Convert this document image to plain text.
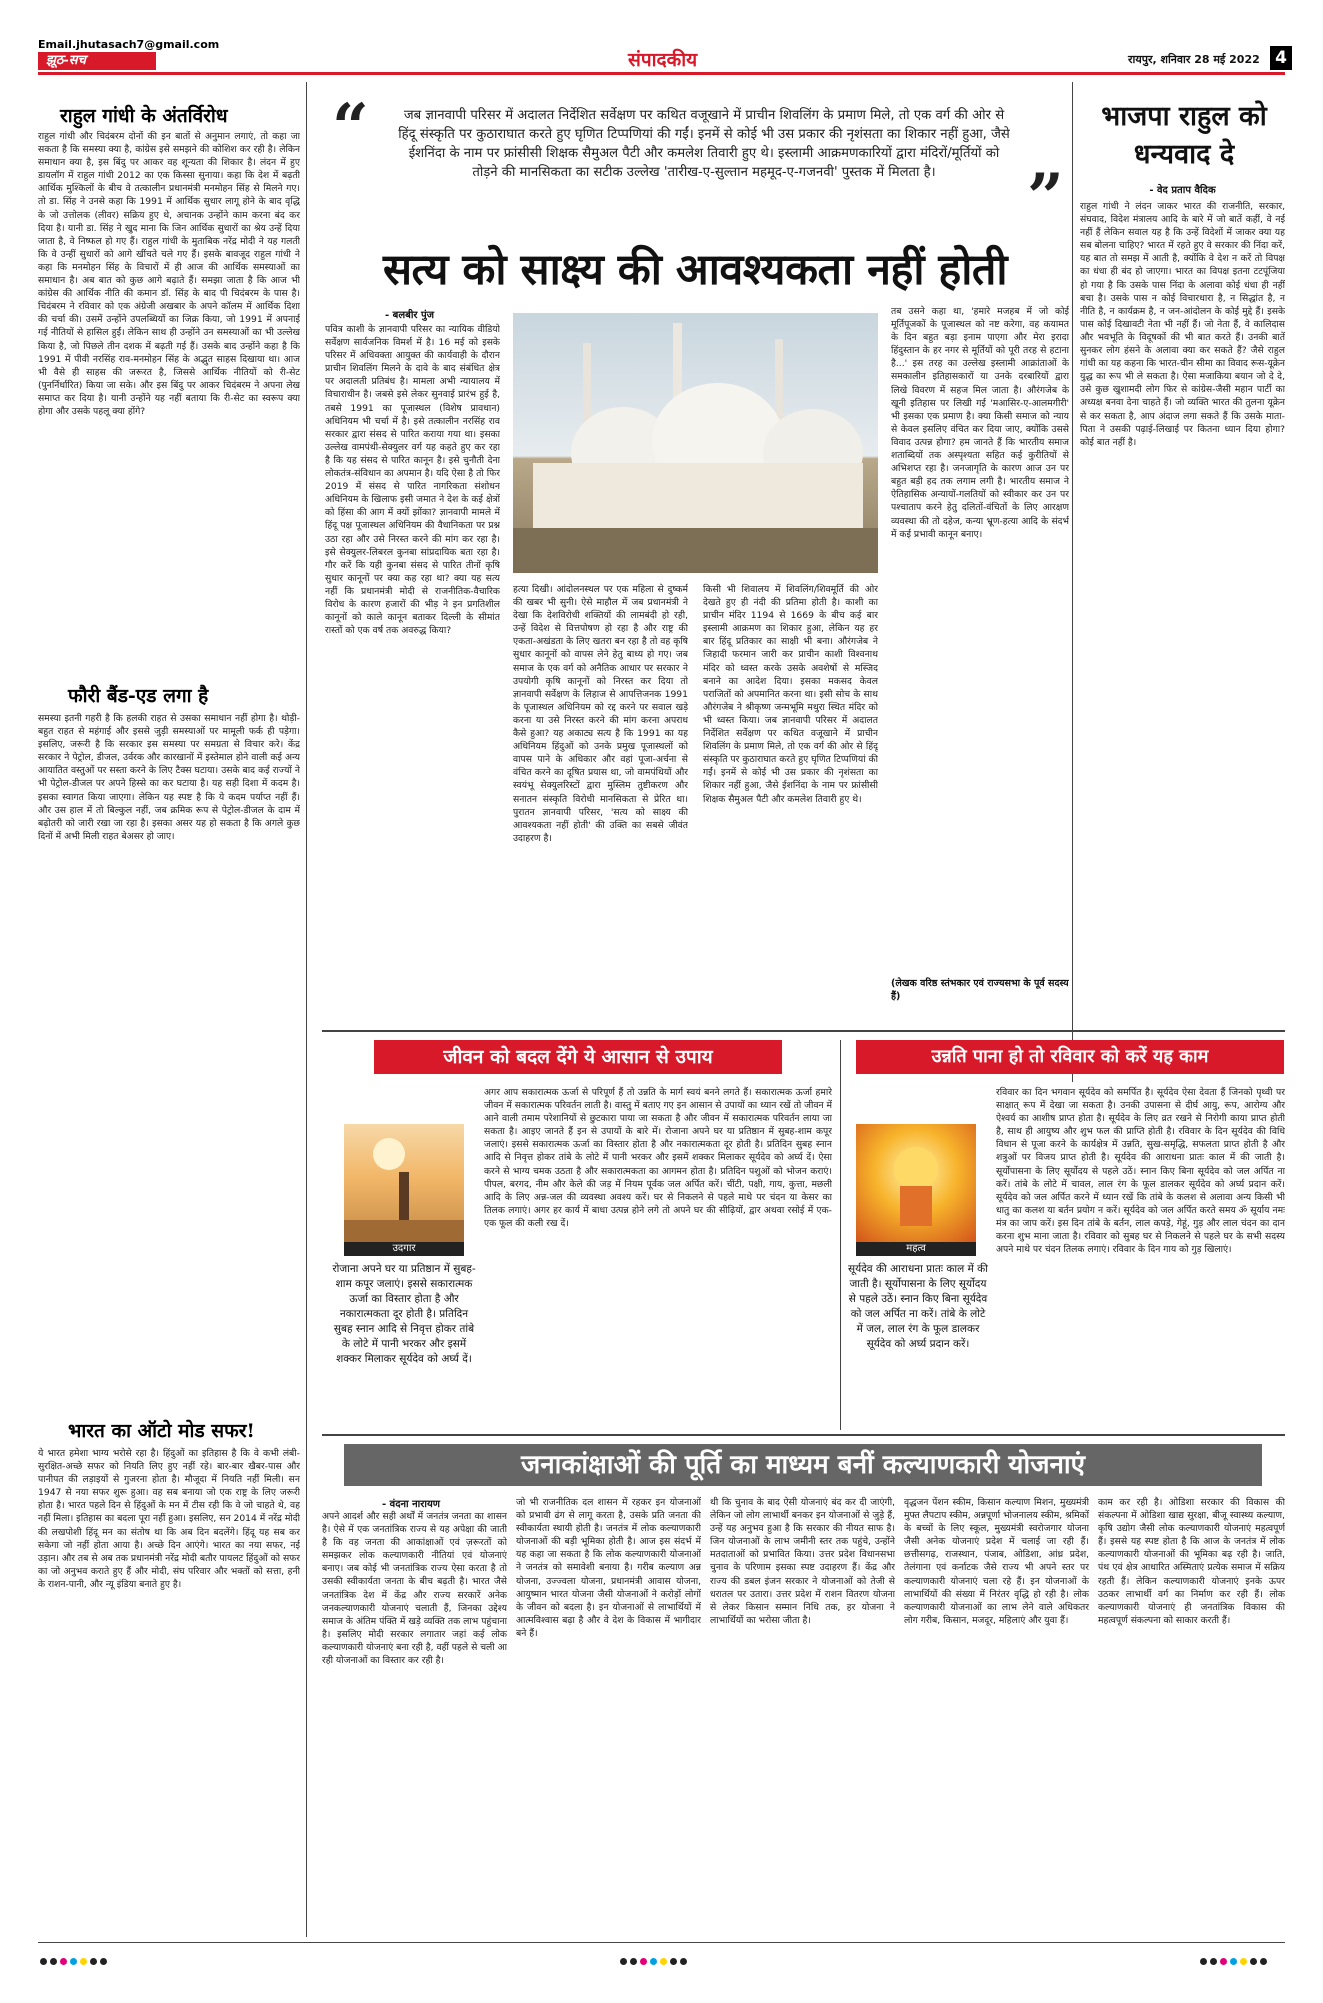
Email.jhutasach7@gmail.com
झूठ-सच	संपादकीय	रायपुर, शनिवार 28 मई 2022 4
राहुल गांधी के अंतर्विरोध
राहुल गांधी और चिदंबरम दोनों की इन बातों से अनुमान लगाएं, तो कहा जा सकता है कि समस्या क्या है, कांग्रेस इसे समझने की कोशिश कर रही है। लेकिन समाधान क्या है, इस बिंदु पर आकर वह शून्यता की शिकार है। लंदन में हुए डायलॉग में राहुल गांधी 2012 का एक किस्सा सुनाया। कहा कि देश में बढ़ती आर्थिक मुश्किलों के बीच वे तत्कालीन प्रधानमंत्री मनमोहन सिंह से मिलने गए। तो डा. सिंह ने उनसे कहा कि 1991 में आर्थिक सुधार लागू होने के बाद वृद्धि के जो उत्तोलक (लीवर) सक्रिय हुए थे, अचानक उन्होंने काम करना बंद कर दिया है। यानी डा. सिंह ने खुद माना कि जिन आर्थिक सुधारों का श्रेय उन्हें दिया जाता है, वे निष्फल हो गए हैं। राहुल गांधी के मुताबिक नरेंद्र मोदी ने यह गलती कि वे उन्हीं सुधारों को आगे खींचते चले गए हैं। इसके बावजूद राहुल गांधी ने कहा कि मनमोहन सिंह के विचारों में ही आज की आर्थिक समस्याओं का समाधान है। अब बात को कुछ आगे बढ़ाते हैं। समझा जाता है कि आज भी कांग्रेस की आर्थिक नीति की कमान डॉ. सिंह के बाद पी चिदंबरम के पास है। चिदंबरम ने रविवार को एक अंग्रेजी अखबार के अपने कॉलम में आर्थिक दिशा की चर्चा की। उसमें उन्होंने उपलब्धियों का जिक्र किया, जो 1991 में अपनाई गई नीतियों से हासिल हुईं। लेकिन साथ ही उन्होंने उन समस्याओं का भी उल्लेख किया है, जो पिछले तीन दशक में बढ़ती गई हैं। उसके बाद उन्होंने कहा है कि 1991 में पीवी नरसिंह राव-मनमोहन सिंह के अद्भुत साहस दिखाया था। आज भी वैसे ही साहस की जरूरत है, जिससे आर्थिक नीतियों को री-सेट (पुनर्निर्धारित) किया जा सके। और इस बिंदु पर आकर चिदंबरम ने अपना लेख समाप्त कर दिया है। यानी उन्होंने यह नहीं बताया कि री-सेट का स्वरूप क्या होगा और उसके पहलू क्या होंगे?
फौरी बैंड-एड लगा है
समस्या इतनी गहरी है कि हलकी राहत से उसका समाधान नहीं होगा है। थोड़ी-बहुत राहत से महंगाई और इससे जुड़ी समस्याओं पर मामूली फर्क ही पड़ेगा। इसलिए, जरूरी है कि सरकार इस समस्या पर समग्रता से विचार करे। केंद्र सरकार ने पेट्रोल, डीजल, उर्वरक और कारखानों में इस्तेमाल होने वाली कई अन्य आयातित वस्तुओं पर सस्ता करने के लिए टैक्स घटाया। उसके बाद कई राज्यों ने भी पेट्रोल-डीजल पर अपने हिस्से का कर घटाया है। यह सही दिशा में कदम है। इसका स्वागत किया जाएगा। लेकिन यह स्पष्ट है कि ये कदम पर्याप्त नहीं हैं। और उस हाल में तो बिल्कुल नहीं, जब क्रमिक रूप से पेट्रोल-डीजल के दाम में बढ़ोतरी को जारी रखा जा रहा है। इसका असर यह हो सकता है कि अगले कुछ दिनों में अभी मिली राहत बेअसर हो जाए।
भारत का ऑटो मोड सफर!
ये भारत हमेशा भाग्य भरोसे रहा है। हिंदुओं का इतिहास है कि वे कभी लंबी-सुरक्षित-अच्छे सफर को नियति लिए हुए नहीं रहे। बार-बार खैबर-पास और पानीपत की लड़ाइयों से गुजरना होता है। मौजूदा में नियति नहीं मिली। सन 1947 से नया सफर शुरू हुआ। वह सब बनाया जो एक राष्ट्र के लिए जरूरी होता है। भारत पहले दिन से हिंदुओं के मन में टीस रही कि वे जो चाहते थे, वह नहीं मिला। इतिहास का बदला पूरा नहीं हुआ। इसलिए, सन 2014 में नरेंद्र मोदी की लखपोशी हिंदू मन का संतोष था कि अब दिन बदलेंगे। हिंदू यह सब कर सकेगा जो नहीं होता आया है। अच्छे दिन आएंगे। भारत का नया सफर, नई उड़ान। और तब से अब तक प्रधानमंत्री नरेंद्र मोदी बतौर पायलट हिंदुओं को सफर का जो अनुभव कराते हुए हैं और मोदी, संघ परिवार और भक्तों को सत्ता, हनी के राशन-पानी, और न्यू इंडिया बनाते हुए है।
“	जब ज्ञानवापी परिसर में अदालत निर्देशित सर्वेक्षण पर कथित वजूखाने में प्राचीन शिवलिंग के प्रमाण मिले, तो एक वर्ग की ओर से हिंदू संस्कृति पर कुठाराघात करते हुए घृणित टिप्पणियां की गईं। इनमें से कोई भी उस प्रकार की नृशंसता का शिकार नहीं हुआ, जैसे ईशनिंदा के नाम पर फ्रांसीसी शिक्षक सैमुअल पैटी और कमलेश तिवारी हुए थे। इस्लामी आक्रमणकारियों द्वारा मंदिरों/मूर्तियों को तोड़ने की मानसिकता का सटीक उल्लेख 'तारीख-ए-सुल्तान महमूद-ए-गजनवी' पुस्तक में मिलता है।	”
सत्य को साक्ष्य की आवश्यकता नहीं होती
भाजपा राहुल को धन्यवाद दे
- वेद प्रताप वैदिक
राहुल गांधी ने लंदन जाकर भारत की राजनीति, सरकार, संघवाद, विदेश मंत्रालय आदि के बारे में जो बातें कहीं, वे नई नहीं हैं लेकिन सवाल यह है कि उन्हें विदेशों में जाकर क्या यह सब बोलना चाहिए? भारत में रहते हुए वे सरकार की निंदा करें, यह बात तो समझ में आती है, क्योंकि वे देश न करें तो विपक्ष का धंधा ही बंद हो जाएगा। भारत का विपक्ष इतना टटपूंजिया हो गया है कि उसके पास निंदा के अलावा कोई धंधा ही नहीं बचा है। उसके पास न कोई विचारधारा है, न सिद्धांत है, न नीति है, न कार्यक्रम है, न जन-आंदोलन के कोई मुद्दे हैं। इसके पास कोई दिखावटी नेता भी नहीं हैं। जो नेता हैं, वे कालिदास और भवभूति के विदूषकों की भी बात करते हैं। उनकी बातें सुनकर लोग हंसने के अलावा क्या कर सकते हैं? जैसे राहुल गांधी का यह कहना कि भारत-चीन सीमा का विवाद रूस-यूक्रेन युद्ध का रूप भी ले सकता है। ऐसा मजाकिया बयान जो दे दे, उसे कुछ खुशामदी लोग फिर से कांग्रेस-जैसी महान पार्टी का अध्यक्ष बनवा देना चाहते हैं। जो व्यक्ति भारत की तुलना यूक्रेन से कर सकता है, आप अंदाज लगा सकते हैं कि उसके माता-पिता ने उसकी पढ़ाई-लिखाई पर कितना ध्यान दिया होगा? कोई बात नहीं है।
- बलबीर पुंज
पवित्र काशी के ज्ञानवापी परिसर का न्यायिक वीडियो सर्वेक्षण सार्वजनिक विमर्श में है। 16 मई को इसके परिसर में अधिवक्ता आयुक्त की कार्यवाही के दौरान प्राचीन शिवलिंग मिलने के दावे के बाद संबंधित क्षेत्र पर अदालती प्रतिबंध है। मामला अभी न्यायालय में विचाराधीन है। जबसे इसे लेकर सुनवाई प्रारंभ हुई है, तबसे 1991 का पूजास्थल (विशेष प्रावधान) अधिनियम भी चर्चा में है। इसे तत्कालीन नरसिंह राव सरकार द्वारा संसद से पारित कराया गया था। इसका उल्लेख वामपंथी-सेक्युलर वर्ग यह कहते हुए कर रहा है कि यह संसद से पारित कानून है। इसे चुनौती देना लोकतंत्र-संविधान का अपमान है। यदि ऐसा है तो फिर 2019 में संसद से पारित नागरिकता संशोधन अधिनियम के खिलाफ इसी जमात ने देश के कई क्षेत्रों को हिंसा की आग में क्यों झोंका? ज्ञानवापी मामले में हिंदू पक्ष पूजास्थल अधिनियम की वैधानिकता पर प्रश्न उठा रहा और उसे निरस्त करने की मांग कर रहा है। इसे सेक्युलर-लिबरल कुनबा सांप्रदायिक बता रहा है। गौर करें कि यही कुनबा संसद से पारित तीनों कृषि सुधार कानूनों पर क्या कह रहा था? क्या यह सत्य नहीं कि प्रधानमंत्री मोदी से राजनीतिक-वैचारिक विरोध के कारण हजारों की भीड़ ने इन प्रगतिशील कानूनों को काले कानून बताकर दिल्ली के सीमांत रास्तों को एक वर्ष तक अवरुद्ध किया?
हत्या दिखी। आंदोलनस्थल पर एक महिला से दुष्कर्म की खबर भी सुनी। ऐसे माहौल में जब प्रधानमंत्री ने देखा कि देशविरोधी शक्तियों की लामबंदी हो रही, उन्हें विदेश से वित्तपोषण हो रहा है और राष्ट्र की एकता-अखंडता के लिए खतरा बन रहा है तो वह कृषि सुधार कानूनों को वापस लेने हेतु बाध्य हो गए। जब समाज के एक वर्ग को अनैतिक आधार पर सरकार ने उपयोगी कृषि कानूनों को निरस्त कर दिया तो ज्ञानवापी सर्वेक्षण के लिहाज से आपत्तिजनक 1991 के पूजास्थल अधिनियम को रद्द करने पर सवाल खड़े करना या उसे निरस्त करने की मांग करना अपराध कैसे हुआ? यह अकाट्य सत्य है कि 1991 का यह अधिनियम हिंदुओं को उनके प्रमुख पूजास्थलों को वापस पाने के अधिकार और वहां पूजा-अर्चना से वंचित करने का दूषित प्रयास था, जो वामपंथियों और स्वयंभू सेक्युलरिस्टों द्वारा मुस्लिम तुष्टीकरण और सनातन संस्कृति विरोधी मानसिकता से प्रेरित था। पुरातन ज्ञानवापी परिसर, 'सत्य को साक्ष्य की आवश्यकता नहीं होती' की उक्ति का सबसे जीवंत उदाहरण है।
किसी भी शिवालय में शिवलिंग/शिवमूर्ति की ओर देखते हुए ही नंदी की प्रतिमा होती है। काशी का प्राचीन मंदिर 1194 से 1669 के बीच कई बार इस्लामी आक्रमण का शिकार हुआ, लेकिन यह हर बार हिंदू प्रतिकार का साक्षी भी बना। औरंगजेब ने जिहादी फरमान जारी कर प्राचीन काशी विश्वनाथ मंदिर को ध्वस्त करके उसके अवशेषों से मस्जिद बनाने का आदेश दिया। इसका मकसद केवल पराजितों को अपमानित करना था। इसी सोच के साथ औरंगजेब ने श्रीकृष्ण जन्मभूमि मथुरा स्थित मंदिर को भी ध्वस्त किया। जब ज्ञानवापी परिसर में अदालत निर्देशित सर्वेक्षण पर कथित वजूखाने में प्राचीन शिवलिंग के प्रमाण मिले, तो एक वर्ग की ओर से हिंदू संस्कृति पर कुठाराघात करते हुए घृणित टिप्पणियां की गईं। इनमें से कोई भी उस प्रकार की नृशंसता का शिकार नहीं हुआ, जैसे ईशनिंदा के नाम पर फ्रांसीसी शिक्षक सैमुअल पैटी और कमलेश तिवारी हुए थे।
तब उसने कहा था, 'हमारे मजहब में जो कोई मूर्तिपूजकों के पूजास्थल को नष्ट करेगा, वह कयामत के दिन बहुत बड़ा इनाम पाएगा और मेरा इरादा हिंदुस्तान के हर नगर से मूर्तियों को पूरी तरह से हटाना है...' इस तरह का उल्लेख इस्लामी आक्रांताओं के समकालीन इतिहासकारों या उनके दरबारियों द्वारा लिखे विवरण में सहज मिल जाता है। औरंगजेब के खूनी इतिहास पर लिखी गई 'मआसिर-ए-आलमगीरी' भी इसका एक प्रमाण है। क्या किसी समाज को न्याय से केवल इसलिए वंचित कर दिया जाए, क्योंकि उससे विवाद उत्पन्न होगा? हम जानते हैं कि भारतीय समाज शताब्दियों तक अस्पृश्यता सहित कई कुरीतियों से अभिशप्त रहा है। जनजागृति के कारण आज उन पर बहुत बड़ी हद तक लगाम लगी है। भारतीय समाज ने ऐतिहासिक अन्यायों-गलतियों को स्वीकार कर उन पर पश्चाताप करने हेतु दलितों-वंचितों के लिए आरक्षण व्यवस्था की तो दहेज, कन्या भ्रूण-हत्या आदि के संदर्भ में कई प्रभावी कानून बनाए।
(लेखक वरिष्ठ स्तंभकार एवं राज्यसभा के पूर्व सदस्य हैं)
जीवन को बदल देंगे ये आसान से उपाय
उदगार
रोजाना अपने घर या प्रतिष्ठान में सुबह-शाम कपूर जलाएं। इससे सकारात्मक ऊर्जा का विस्तार होता है और नकारात्मकता दूर होती है। प्रतिदिन सुबह स्नान आदि से निवृत्त होकर तांबे के लोटे में पानी भरकर और इसमें शक्कर मिलाकर सूर्यदेव को अर्घ्य दें।
अगर आप सकारात्मक ऊर्जा से परिपूर्ण हैं तो उन्नति के मार्ग स्वयं बनने लगते हैं। सकारात्मक ऊर्जा हमारे जीवन में सकारात्मक परिवर्तन लाती है। वास्तु में बताए गए इन आसान से उपायों का ध्यान रखें तो जीवन में आने वाली तमाम परेशानियों से छुटकारा पाया जा सकता है और जीवन में सकारात्मक परिवर्तन लाया जा सकता है। आइए जानते हैं इन से उपायों के बारे में। रोजाना अपने घर या प्रतिष्ठान में सुबह-शाम कपूर जलाएं। इससे सकारात्मक ऊर्जा का विस्तार होता है और नकारात्मकता दूर होती है। प्रतिदिन सुबह स्नान आदि से निवृत्त होकर तांबे के लोटे में पानी भरकर और इसमें शक्कर मिलाकर सूर्यदेव को अर्घ्य दें। ऐसा करने से भाग्य चमक उठता है और सकारात्मकता का आगमन होता है। प्रतिदिन पशुओं को भोजन कराएं। पीपल, बरगद, नीम और केले की जड़ में नियम पूर्वक जल अर्पित करें। चींटी, पक्षी, गाय, कुत्ता, मछली आदि के लिए अन्न-जल की व्यवस्था अवश्य करें। घर से निकलने से पहले माथे पर चंदन या केसर का तिलक लगाएं। अगर हर कार्य में बाधा उत्पन्न होने लगे तो अपने घर की सीढ़ियों, द्वार अथवा रसोई में एक-एक फूल की कली रख दें।
उन्नति पाना हो तो रविवार को करें यह काम
महत्व
सूर्यदेव की आराधना प्रातः काल में की जाती है। सूर्योपासना के लिए सूर्योदय से पहले उठें। स्नान किए बिना सूर्यदेव को जल अर्पित ना करें। तांबे के लोटे में जल, लाल रंग के फूल डालकर सूर्यदेव को अर्घ्य प्रदान करें।
रविवार का दिन भगवान सूर्यदेव को समर्पित है। सूर्यदेव ऐसा देवता हैं जिनको पृथ्वी पर साक्षात् रूप में देखा जा सकता है। उनकी उपासना से दीर्घ आयु, रूप, आरोग्य और ऐश्वर्य का आशीष प्राप्त होता है। सूर्यदेव के लिए व्रत रखने से निरोगी काया प्राप्त होती है, साथ ही आयुष्य और शुभ फल की प्राप्ति होती है। रविवार के दिन सूर्यदेव की विधि विधान से पूजा करने के कार्यक्षेत्र में उन्नति, सुख-समृद्धि, सफलता प्राप्त होती है और शत्रुओं पर विजय प्राप्त होती है। सूर्यदेव की आराधना प्रातः काल में की जाती है। सूर्योपासना के लिए सूर्योदय से पहले उठें। स्नान किए बिना सूर्यदेव को जल अर्पित ना करें। तांबे के लोटे में चावल, लाल रंग के फूल डालकर सूर्यदेव को अर्घ्य प्रदान करें। सूर्यदेव को जल अर्पित करने में ध्यान रखें कि तांबे के कलश से अलावा अन्य किसी भी धातु का कलश या बर्तन प्रयोग न करें। सूर्यदेव को जल अर्पित करते समय ॐ सूर्याय नमः मंत्र का जाप करें। इस दिन तांबे के बर्तन, लाल कपड़े, गेहूं, गुड़ और लाल चंदन का दान करना शुभ माना जाता है। रविवार को सुबह घर से निकलने से पहले घर के सभी सदस्य अपने माथे पर चंदन तिलक लगाएं। रविवार के दिन गाय को गुड़ खिलाएं।
जनाकांक्षाओं की पूर्ति का माध्यम बनीं कल्याणकारी योजनाएं
- वंदना नारायण
अपने आदर्श और सही अर्थों में जनतंत्र जनता का शासन है। ऐसे में एक जनतांत्रिक राज्य से यह अपेक्षा की जाती है कि वह जनता की आकांक्षाओं एवं ज़रूरतों को समझकर लोक कल्याणकारी नीतियां एवं योजनाएं बनाए। जब कोई भी जनतांत्रिक राज्य ऐसा करता है तो उसकी स्वीकार्यता जनता के बीच बढ़ती है। भारत जैसे जनतांत्रिक देश में केंद्र और राज्य सरकारें अनेक जनकल्याणकारी योजनाएं चलाती हैं, जिनका उद्देश्य समाज के अंतिम पंक्ति में खड़े व्यक्ति तक लाभ पहुंचाना है। इसलिए मोदी सरकार लगातार जहां कई लोक कल्याणकारी योजनाएं बना रही है, वहीं पहले से चली आ रही योजनाओं का विस्तार कर रही है।
जो भी राजनीतिक दल शासन में रहकर इन योजनाओं को प्रभावी ढंग से लागू करता है, उसके प्रति जनता की स्वीकार्यता स्थायी होती है। जनतंत्र में लोक कल्याणकारी योजनाओं की बड़ी भूमिका होती है। आज इस संदर्भ में यह कहा जा सकता है कि लोक कल्याणकारी योजनाओं ने जनतंत्र को समावेशी बनाया है। गरीब कल्याण अन्न योजना, उज्ज्वला योजना, प्रधानमंत्री आवास योजना, आयुष्मान भारत योजना जैसी योजनाओं ने करोड़ों लोगों के जीवन को बदला है। इन योजनाओं से लाभार्थियों में आत्मविश्वास बढ़ा है और वे देश के विकास में भागीदार बने हैं।
थी कि चुनाव के बाद ऐसी योजनाएं बंद कर दी जाएंगी, लेकिन जो लोग लाभार्थी बनकर इन योजनाओं से जुड़े हैं, उन्हें यह अनुभव हुआ है कि सरकार की नीयत साफ है। जिन योजनाओं के लाभ जमीनी स्तर तक पहुंचे, उन्होंने मतदाताओं को प्रभावित किया। उत्तर प्रदेश विधानसभा चुनाव के परिणाम इसका स्पष्ट उदाहरण हैं। केंद्र और राज्य की डबल इंजन सरकार ने योजनाओं को तेजी से धरातल पर उतारा। उत्तर प्रदेश में राशन वितरण योजना से लेकर किसान सम्मान निधि तक, हर योजना ने लाभार्थियों का भरोसा जीता है।
वृद्धजन पेंशन स्कीम, किसान कल्याण मिशन, मुख्यमंत्री मुफ्त लैपटाप स्कीम, अन्नपूर्णा भोजनालय स्कीम, श्रमिकों के बच्चों के लिए स्कूल, मुख्यमंत्री स्वरोजगार योजना जैसी अनेक योजनाएं प्रदेश में चलाई जा रही हैं। छत्तीसगढ़, राजस्थान, पंजाब, ओडिशा, आंध्र प्रदेश, तेलंगाना एवं कर्नाटक जैसे राज्य भी अपने स्तर पर कल्याणकारी योजनाएं चला रहे हैं। इन योजनाओं के लाभार्थियों की संख्या में निरंतर वृद्धि हो रही है। लोक कल्याणकारी योजनाओं का लाभ लेने वाले अधिकतर लोग गरीब, किसान, मजदूर, महिलाएं और युवा हैं।
काम कर रही है। ओडिशा सरकार की विकास की संकल्पना में ओडिशा खाद्य सुरक्षा, बीजू स्वास्थ्य कल्याण, कृषि उद्योग जैसी लोक कल्याणकारी योजनाएं महत्वपूर्ण हैं। इससे यह स्पष्ट होता है कि आज के जनतंत्र में लोक कल्याणकारी योजनाओं की भूमिका बढ़ रही है। जाति, पंथ एवं क्षेत्र आधारित अस्मिताएं प्रत्येक समाज में सक्रिय रहती हैं। लेकिन कल्याणकारी योजनाएं इनके ऊपर उठकर लाभार्थी वर्ग का निर्माण कर रही हैं। लोक कल्याणकारी योजनाएं ही जनतांत्रिक विकास की महत्वपूर्ण संकल्पना को साकार करती हैं।
